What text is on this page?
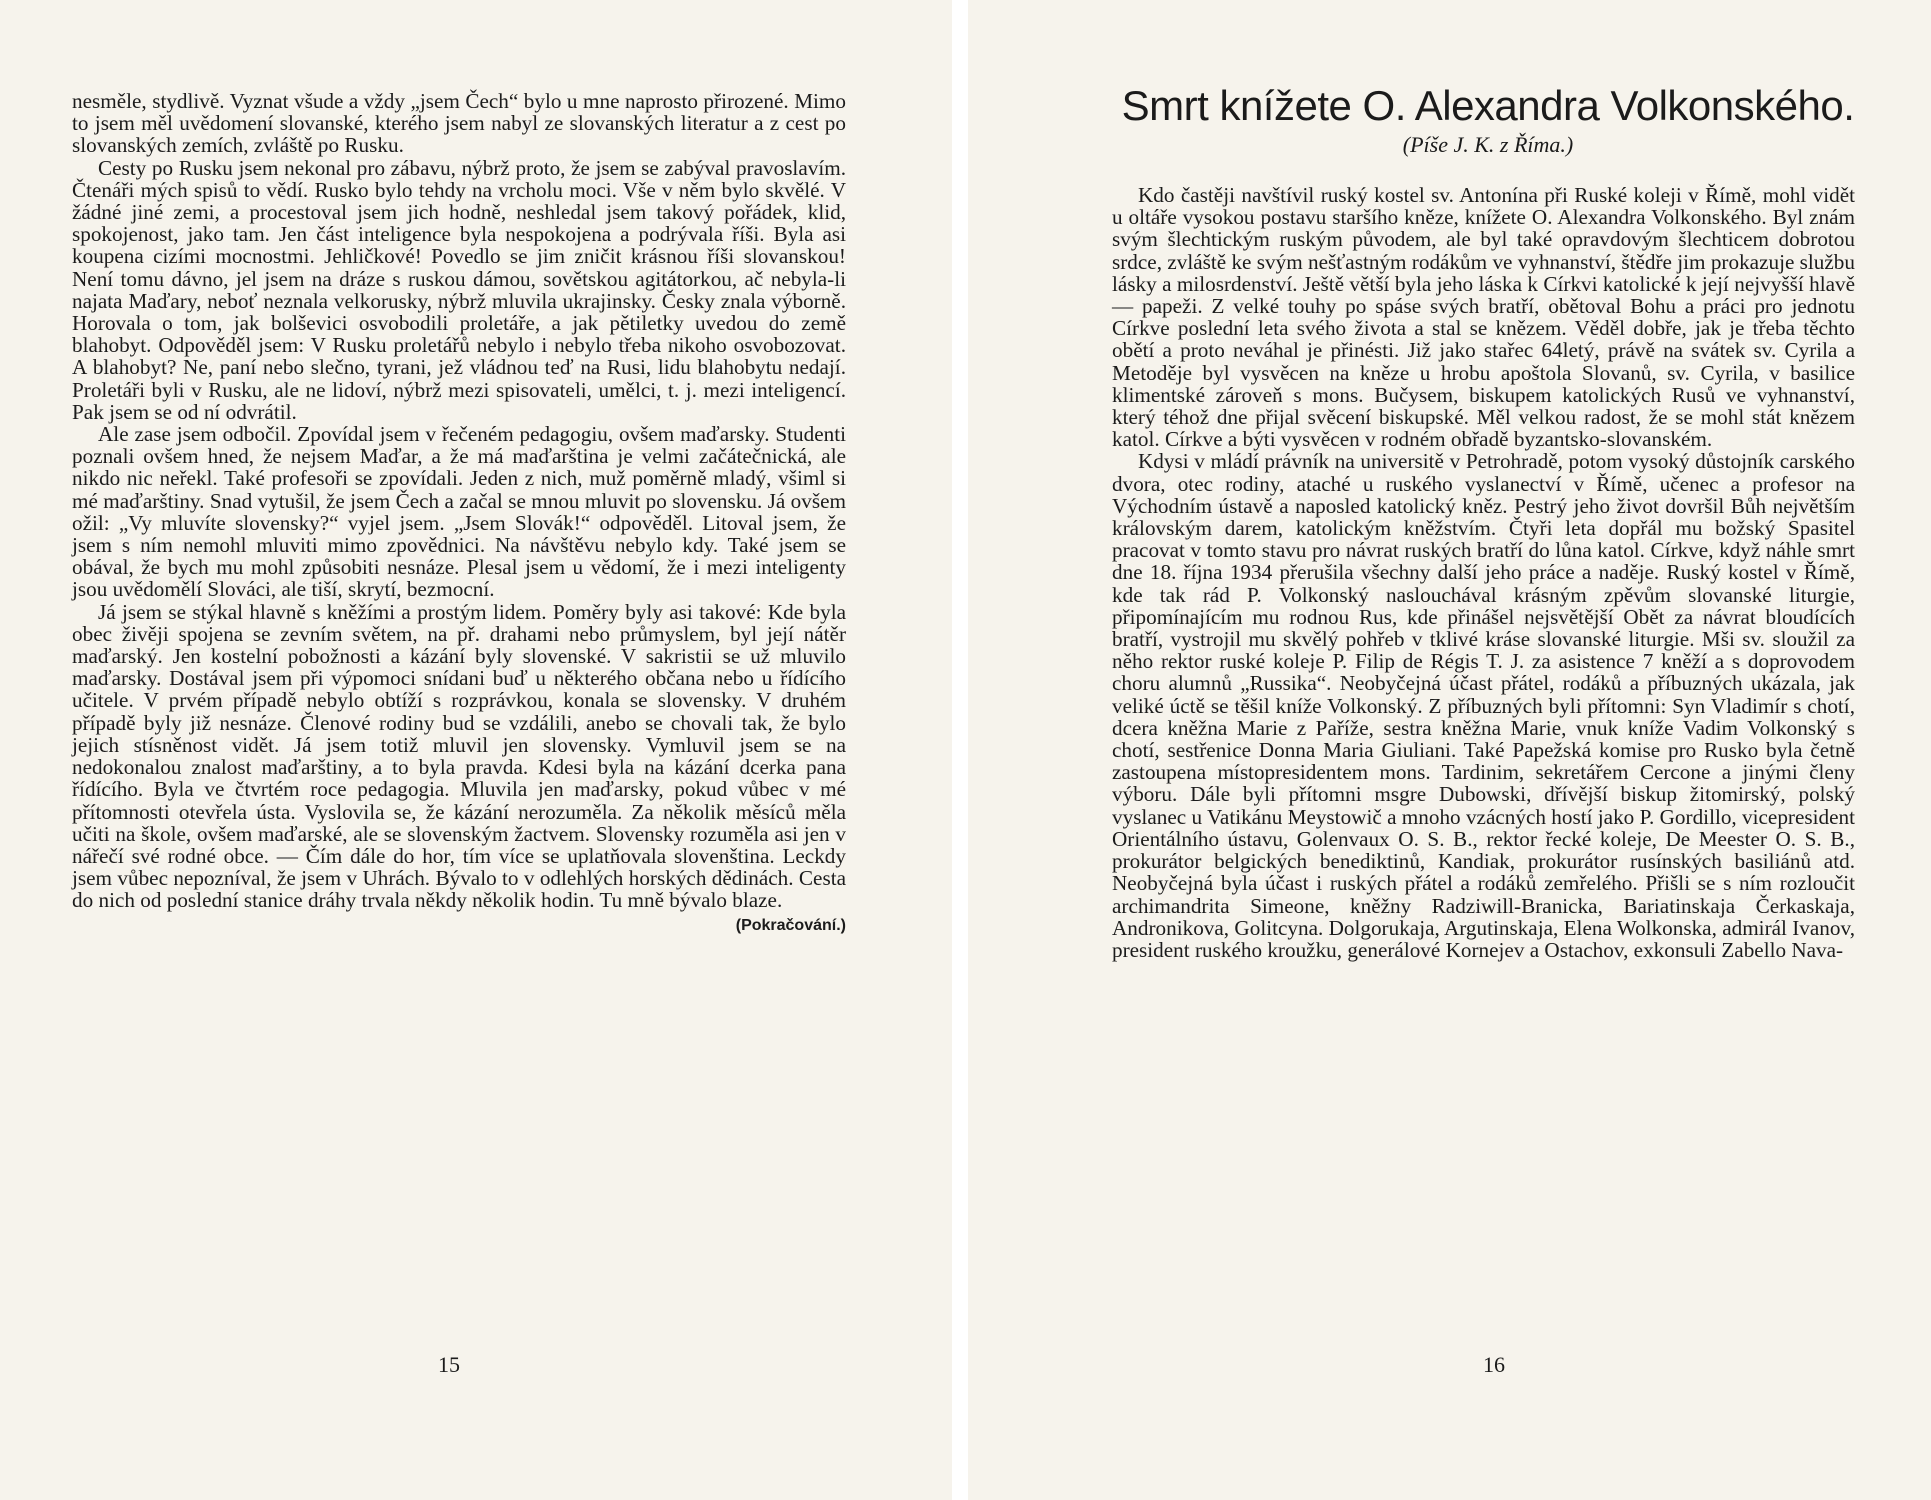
nesměle, stydlivě. Vyznat všude a vždy „jsem Čech“ bylo u mne naprosto přirozené. Mimo to jsem měl uvědomení slovanské, kterého jsem nabyl ze slovanských literatur a z cest po slovanských zemích, zvláště po Rusku.

Cesty po Rusku jsem nekonal pro zábavu, nýbrž proto, že jsem se zabýval pravoslavím. Čtenáři mých spisů to vědí. Rusko bylo tehdy na vrcholu moci. Vše v něm bylo skvělé. V žádné jiné zemi, a procestoval jsem jich hodně, neshledal jsem takový pořádek, klid, spokojenost, jako tam. Jen část inteligence byla nespokojena a podrývala říši. Byla asi koupena cizími mocnostmi. Jehličkové! Povedlo se jim zničit krásnou říši slovanskou! Není tomu dávno, jel jsem na dráze s ruskou dámou, sovětskou agitátorkou, ač nebyla-li najata Maďary, neboť neznala velkorusky, nýbrž mluvila ukrajinsky. Česky znala výborně. Horovala o tom, jak bolševici osvobodili proletáře, a jak pětiletky uvedou do země blahobyt. Odpověděl jsem: V Rusku proletářů nebylo i nebylo třeba nikoho osvobozovat. A blahobyt? Ne, paní nebo slečno, tyrani, jež vládnou teď na Rusi, lidu blahobytu nedají. Proletáři byli v Rusku, ale ne lidoví, nýbrž mezi spisovateli, umělci, t. j. mezi inteligencí. Pak jsem se od ní odvrátil.

Ale zase jsem odbočil. Zpovídal jsem v řečeném pedagogiu, ovšem maďarsky. Studenti poznali ovšem hned, že nejsem Maďar, a že má maďarština je velmi začátečnická, ale nikdo nic neřekl. Také profesoři se zpovídali. Jeden z nich, muž poměrně mladý, všiml si mé maďarštiny. Snad vytušil, že jsem Čech a začal se mnou mluvit po slovensku. Já ovšem ožil: „Vy mluvíte slovensky?“ vyjel jsem. „Jsem Slovák!“ odpověděl. Litoval jsem, že jsem s ním nemohl mluviti mimo zpovědnici. Na návštěvu nebylo kdy. Také jsem se obával, že bych mu mohl způsobiti nesnáze. Plesal jsem u vědomí, že i mezi inteligenty jsou uvědomělí Slováci, ale tiší, skrytí, bezmocní.

Já jsem se stýkal hlavně s kněžími a prostým lidem. Poměry byly asi takové: Kde byla obec živěji spojena se zevním světem, na př. drahami nebo průmyslem, byl její nátěr maďarský. Jen kostelní pobožnosti a kázání byly slovenské. V sakristii se už mluvilo maďarsky. Dostával jsem při výpomoci snídani buď u některého občana nebo u řídícího učitele. V prvém případě nebylo obtíží s rozprávkou, konala se slovensky. V druhém případě byly již nesnáze. Členové rodiny bud se vzdálili, anebo se chovali tak, že bylo jejich stísněnost vidět. Já jsem totiž mluvil jen slovensky. Vymluvil jsem se na nedokonalou znalost maďarštiny, a to byla pravda. Kdesi byla na kázání dcerka pana řídícího. Byla ve čtvrtém roce pedagogia. Mluvila jen maďarsky, pokud vůbec v mé přítomnosti otevřela ústa. Vyslovila se, že kázání nerozuměla. Za několik měsíců měla učiti na škole, ovšem maďarské, ale se slovenským žactvem. Slovensky rozuměla asi jen v nářečí své rodné obce. — Čím dále do hor, tím více se uplatňovala slovenština. Leckdy jsem vůbec nepozníval, že jsem v Uhrách. Bývalo to v odlehlých horských dědinách. Cesta do nich od poslední stanice dráhy trvala někdy několik hodin. Tu mně bývalo blaze.
(Pokračování.)

15
Smrt knížete O. Alexandra Volkonského.
(Píše J. K. z Říma.)

Kdo častěji navštívil ruský kostel sv. Antonína při Ruské koleji v Římě, mohl vidět u oltáře vysokou postavu staršího kněze, knížete O. Alexandra Volkonského. Byl znám svým šlechtickým ruským původem, ale byl také opravdovým šlechticem dobrotou srdce, zvláště ke svým nešťastným rodákům ve vyhnanství, štědře jim prokazuje službu lásky a milosrdenství. Ještě větší byla jeho láska k Církvi katolické k její nejvyšší hlavě — papeži. Z velké touhy po spáse svých bratří, obětoval Bohu a práci pro jednotu Církve poslední leta svého života a stal se knězem. Věděl dobře, jak je třeba těchto obětí a proto neváhal je přinésti. Již jako stařec 64letý, právě na svátek sv. Cyrila a Metoděje byl vysvěcen na kněze u hrobu apoštola Slovanů, sv. Cyrila, v basilice klimentské zároveň s mons. Bučysem, biskupem katolických Rusů ve vyhnanství, který téhož dne přijal svěcení biskupské. Měl velkou radost, že se mohl stát knězem katol. Církve a býti vysvěcen v rodném obřadě byzantsko-slovanském.

Kdysi v mládí právník na universitě v Petrohradě, potom vysoký důstojník carského dvora, otec rodiny, ataché u ruského vyslanectví v Římě, učenec a profesor na Východním ústavě a naposled katolický kněz. Pestrý jeho život dovršil Bůh největším královským darem, katolickým kněžstvím. Čtyři leta dopřál mu božský Spasitel pracovat v tomto stavu pro návrat ruských bratří do lůna katol. Církve, když náhle smrt dne 18. října 1934 přerušila všechny další jeho práce a naděje. Ruský kostel v Římě, kde tak rád P. Volkonský naslouchával krásným zpěvům slovanské liturgie, připomínajícím mu rodnou Rus, kde přinášel nejsvětější Obět za návrat bloudících bratří, vystrojil mu skvělý pohřeb v tklivé kráse slovanské liturgie. Mši sv. sloužil za něho rektor ruské koleje P. Filip de Régis T. J. za asistence 7 kněží a s doprovodem choru alumnů „Russika“. Neobyčejná účast přátel, rodáků a příbuzných ukázala, jak veliké úctě se těšil kníže Volkonský. Z příbuzných byli přítomni: Syn Vladimír s chotí, dcera kněžna Marie z Paříže, sestra kněžna Marie, vnuk kníže Vadim Volkonský s chotí, sestřenice Donna Maria Giuliani. Také Papežská komise pro Rusko byla četně zastoupena místopresidentem mons. Tardinim, sekretářem Cercone a jinými členy výboru. Dále byli přítomni msgre Dubowski, dřívější biskup žitomirský, polský vyslanec u Vatikánu Meystowič a mnoho vzácných hostí jako P. Gordillo, vicepresident Orientálního ústavu, Golenvaux O. S. B., rektor řecké koleje, De Meester O. S. B., prokurátor belgických benediktinů, Kandiak, prokurátor rusínských basiliánů atd. Neobyčejná byla účast i ruských přátel a rodáků zemřelého. Přišli se s ním rozloučit archimandrita Simeone, kněžny Radziwill-Branicka, Bariatinskaja Čerkaskaja, Andronikova, Golitcyna. Dolgorukaja, Argutinskaja, Elena Wolkonska, admirál Ivanov, president ruského kroužku, generálové Kornejev a Ostachov, exkonsuli Zabello Nava-

16
